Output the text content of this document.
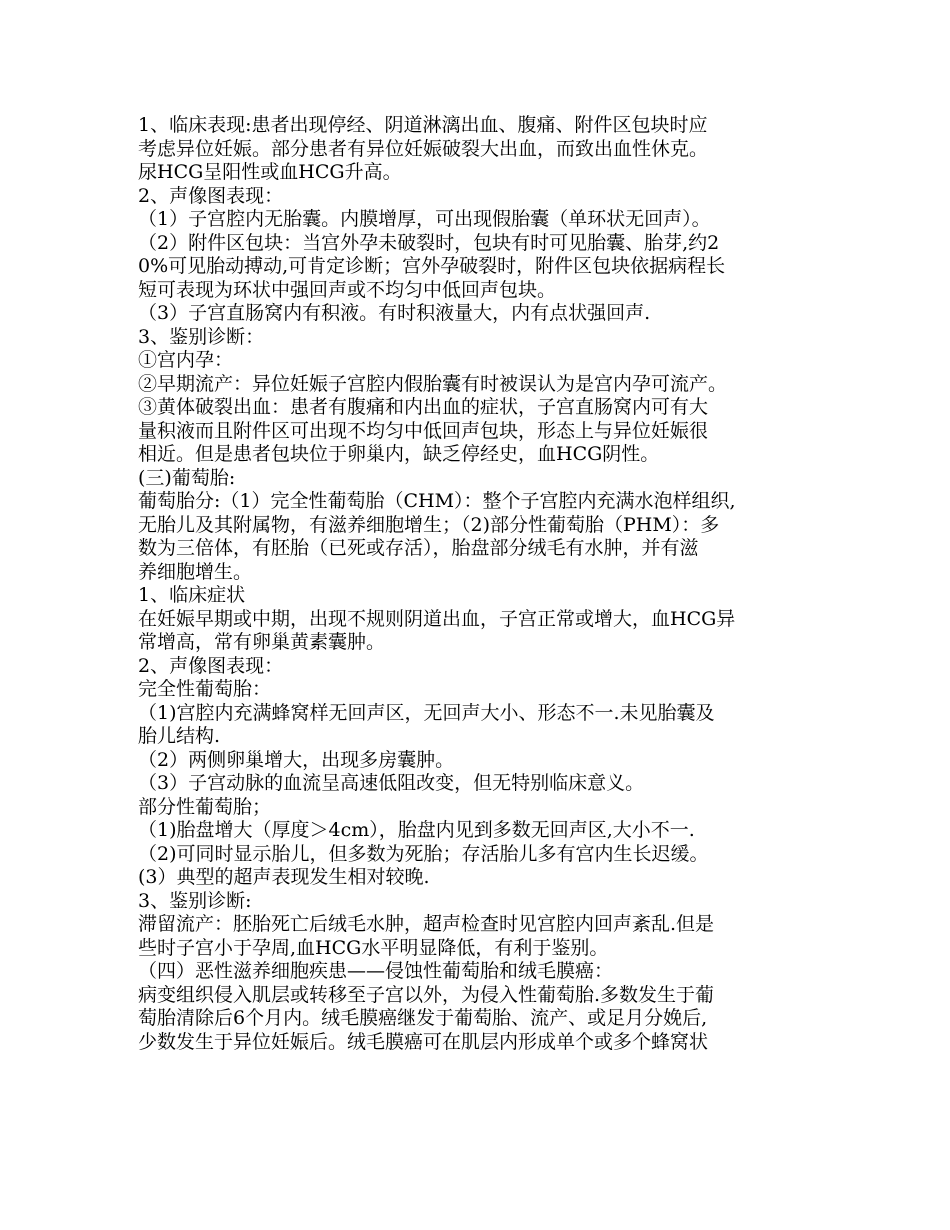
1、临床表现:患者出现停经、阴道淋漓出血、腹痛、附件区包块时应
考虑异位妊娠。部分患者有异位妊娠破裂大出血，而致出血性休克。
尿HCG呈阳性或血HCG升高。
2、声像图表现：
（1）子宫腔内无胎囊。内膜增厚，可出现假胎囊（单环状无回声）。
（2）附件区包块：当宫外孕未破裂时，包块有时可见胎囊、胎芽,约2
0%可见胎动搏动,可肯定诊断；宫外孕破裂时，附件区包块依据病程长
短可表现为环状中强回声或不均匀中低回声包块。
（3）子宫直肠窝内有积液。有时积液量大，内有点状强回声.
3、鉴别诊断：
①宫内孕：
②早期流产：异位妊娠子宫腔内假胎囊有时被误认为是宫内孕可流产。
③黄体破裂出血：患者有腹痛和内出血的症状，子宫直肠窝内可有大
量积液而且附件区可出现不均匀中低回声包块，形态上与异位妊娠很
相近。但是患者包块位于卵巢内，缺乏停经史，血HCG阴性。
(三)葡萄胎:
葡萄胎分:（1）完全性葡萄胎（CHM）：整个子宫腔内充满水泡样组织,
无胎儿及其附属物，有滋养细胞增生；（2)部分性葡萄胎（PHM）：多
数为三倍体，有胚胎（已死或存活），胎盘部分绒毛有水肿，并有滋
养细胞增生。
1、临床症状
在妊娠早期或中期，出现不规则阴道出血，子宫正常或增大，血HCG异
常增高，常有卵巢黄素囊肿。
2、声像图表现：
完全性葡萄胎：
（1)宫腔内充满蜂窝样无回声区，无回声大小、形态不一.未见胎囊及
胎儿结构.
（2）两侧卵巢增大，出现多房囊肿。
（3）子宫动脉的血流呈高速低阻改变，但无特别临床意义。
部分性葡萄胎；
（1)胎盘增大（厚度＞4cm），胎盘内见到多数无回声区,大小不一.
（2)可同时显示胎儿，但多数为死胎；存活胎儿多有宫内生长迟缓。
(3）典型的超声表现发生相对较晚.
3、鉴别诊断:
滞留流产：胚胎死亡后绒毛水肿，超声检查时见宫腔内回声紊乱.但是
些时子宫小于孕周,血HCG水平明显降低，有利于鉴别。
（四）恶性滋养细胞疾患——侵蚀性葡萄胎和绒毛膜癌：
病变组织侵入肌层或转移至子宫以外，为侵入性葡萄胎.多数发生于葡
萄胎清除后6个月内。绒毛膜癌继发于葡萄胎、流产、或足月分娩后,
少数发生于异位妊娠后。绒毛膜癌可在肌层内形成单个或多个蜂窝状
